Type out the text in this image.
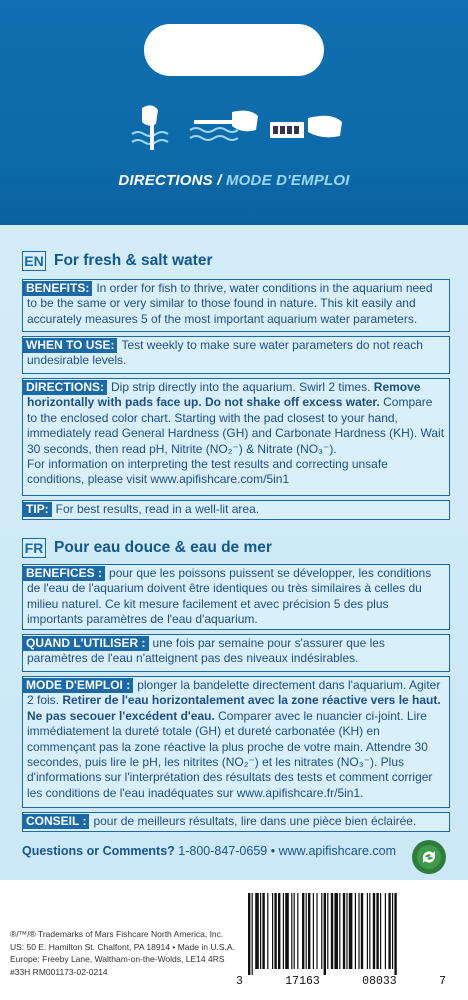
DIRECTIONS / MODE D'EMPLOI
EN For fresh & salt water
BENEFITS: In order for fish to thrive, water conditions in the aquarium need to be the same or very similar to those found in nature. This kit easily and accurately measures 5 of the most important aquarium water parameters.
WHEN TO USE: Test weekly to make sure water parameters do not reach undesirable levels.
DIRECTIONS: Dip strip directly into the aquarium. Swirl 2 times. Remove horizontally with pads face up. Do not shake off excess water. Compare to the enclosed color chart. Starting with the pad closest to your hand, immediately read General Hardness (GH) and Carbonate Hardness (KH). Wait 30 seconds, then read pH, Nitrite (NO₂⁻) & Nitrate (NO₃⁻).
For information on interpreting the test results and correcting unsafe conditions, please visit www.apifishcare.com/5in1
TIP: For best results, read in a well-lit area.
FR Pour eau douce & eau de mer
BENEFICES : pour que les poissons puissent se développer, les conditions de l'eau de l'aquarium doivent être identiques ou très similaires à celles du milieu naturel. Ce kit mesure facilement et avec précision 5 des plus importants paramètres de l'eau d'aquarium.
QUAND L'UTILISER : une fois par semaine pour s'assurer que les paramètres de l'eau n'atteignent pas des niveaux indésirables.
MODE D'EMPLOI : plonger la bandelette directement dans l'aquarium. Agiter 2 fois. Retirer de l'eau horizontalement avec la zone réactive vers le haut. Ne pas secouer l'excédent d'eau. Comparer avec le nuancier ci-joint. Lire immédiatement la dureté totale (GH) et dureté carbonatée (KH) en commençant pas la zone réactive la plus proche de votre main. Attendre 30 secondes, puis lire le pH, les nitrites (NO₂⁻) et les nitrates (NO₃⁻). Plus d'informations sur l'interprétation des résultats des tests et comment corriger les conditions de l'eau inadéquates sur www.apifishcare.fr/5in1.
CONSEIL : pour de meilleurs résultats, lire dans une pièce bien éclairée.
Questions or Comments? 1-800-847-0659 • www.apifishcare.com
®/™/® Trademarks of Mars Fishcare North America, Inc.
US: 50 E. Hamilton St. Chalfont, PA 18914 • Made in U.S.A.
Europe: Freeby Lane, Waltham-on-the-Wolds, LE14 4RS
#33H RM001173-02-0214
3	17163	08033	7
